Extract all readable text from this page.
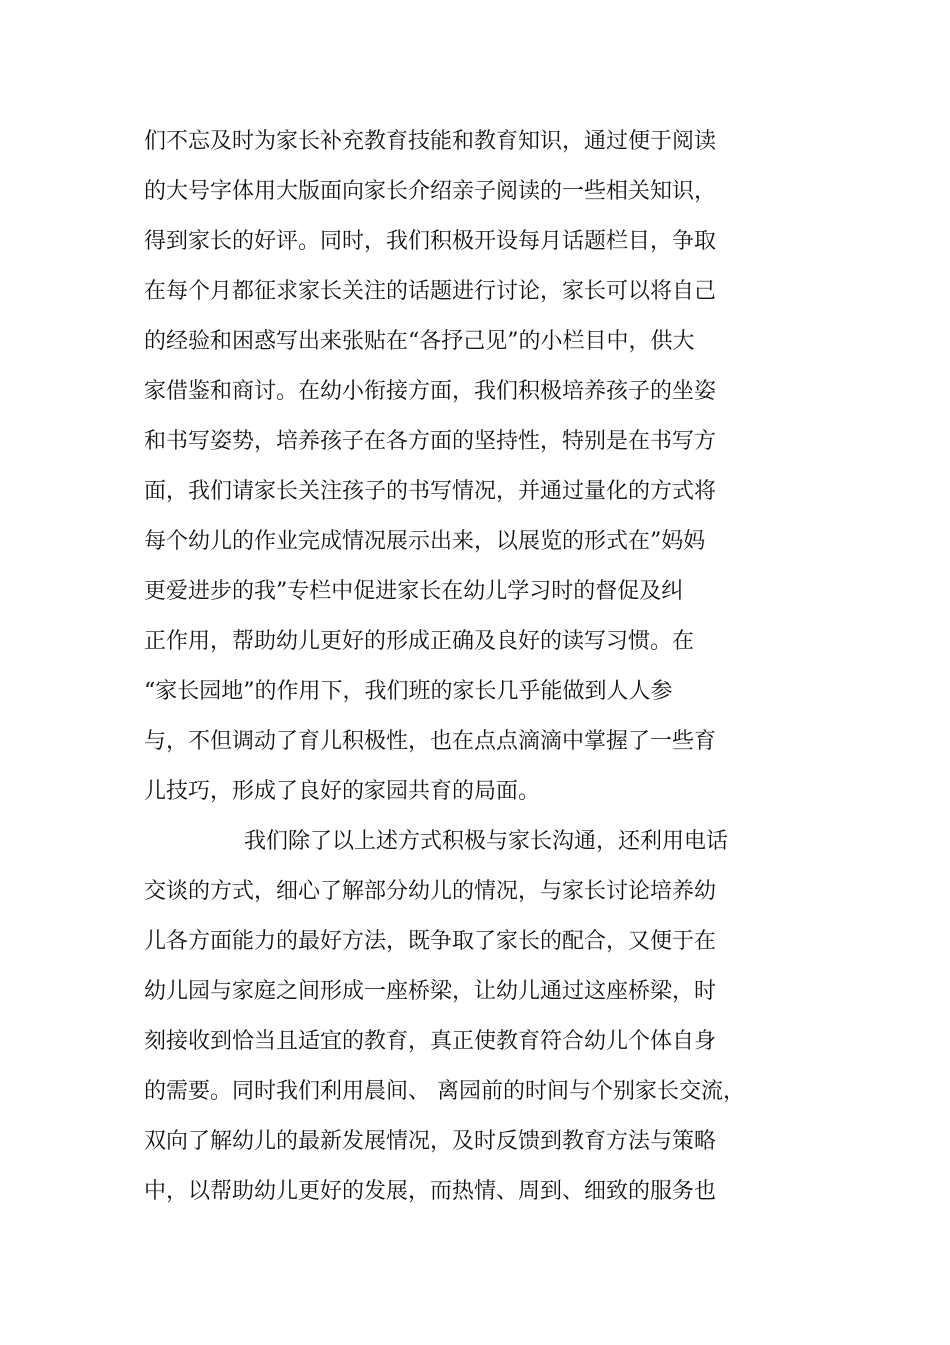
们不忘及时为家长补充教育技能和教育知识，通过便于阅读
的大号字体用大版面向家长介绍亲子阅读的一些相关知识，
得到家长的好评。同时，我们积极开设每月话题栏目，争取
在每个月都征求家长关注的话题进行讨论，家长可以将自己
的经验和困惑写出来张贴在“各抒己见”的小栏目中，供大
家借鉴和商讨。在幼小衔接方面，我们积极培养孩子的坐姿
和书写姿势，培养孩子在各方面的坚持性，特别是在书写方
面，我们请家长关注孩子的书写情况，并通过量化的方式将
每个幼儿的作业完成情况展示出来，以展览的形式在”妈妈
更爱进步的我”专栏中促进家长在幼儿学习时的督促及纠
正作用，帮助幼儿更好的形成正确及良好的读写习惯。在
“家长园地”的作用下，我们班的家长几乎能做到人人参
与，不但调动了育儿积极性，也在点点滴滴中掌握了一些育
儿技巧，形成了良好的家园共育的局面。
我们除了以上述方式积极与家长沟通，还利用电话
交谈的方式，细心了解部分幼儿的情况，与家长讨论培养幼
儿各方面能力的最好方法，既争取了家长的配合，又便于在
幼儿园与家庭之间形成一座桥梁，让幼儿通过这座桥梁，时
刻接收到恰当且适宜的教育，真正使教育符合幼儿个体自身
的需要。同时我们利用晨间、 离园前的时间与个别家长交流，
双向了解幼儿的最新发展情况，及时反馈到教育方法与策略
中，以帮助幼儿更好的发展，而热情、周到、细致的服务也
